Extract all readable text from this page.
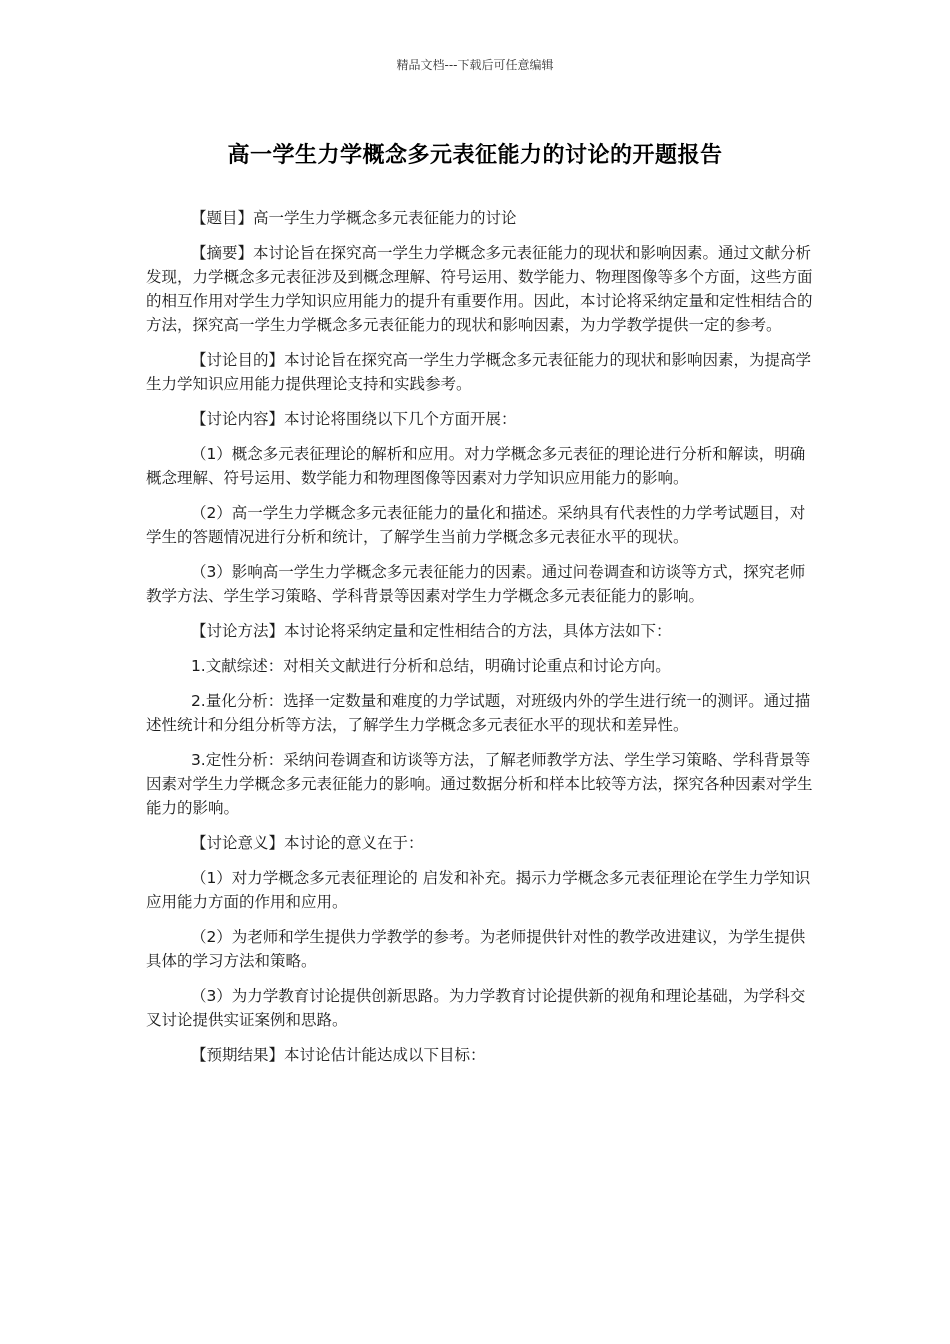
精品文档---下载后可任意编辑
高一学生力学概念多元表征能力的讨论的开题报告

【题目】高一学生力学概念多元表征能力的讨论

【摘要】本讨论旨在探究高一学生力学概念多元表征能力的现状和影响因素。通过文献分析发现，力学概念多元表征涉及到概念理解、符号运用、数学能力、物理图像等多个方面，这些方面的相互作用对学生力学知识应用能力的提升有重要作用。因此，本讨论将采纳定量和定性相结合的方法，探究高一学生力学概念多元表征能力的现状和影响因素，为力学教学提供一定的参考。

【讨论目的】本讨论旨在探究高一学生力学概念多元表征能力的现状和影响因素，为提高学生力学知识应用能力提供理论支持和实践参考。

【讨论内容】本讨论将围绕以下几个方面开展：

（1）概念多元表征理论的解析和应用。对力学概念多元表征的理论进行分析和解读，明确概念理解、符号运用、数学能力和物理图像等因素对力学知识应用能力的影响。

（2）高一学生力学概念多元表征能力的量化和描述。采纳具有代表性的力学考试题目，对学生的答题情况进行分析和统计，了解学生当前力学概念多元表征水平的现状。

（3）影响高一学生力学概念多元表征能力的因素。通过问卷调查和访谈等方式，探究老师教学方法、学生学习策略、学科背景等因素对学生力学概念多元表征能力的影响。

【讨论方法】本讨论将采纳定量和定性相结合的方法，具体方法如下：

1.文献综述：对相关文献进行分析和总结，明确讨论重点和讨论方向。

2.量化分析：选择一定数量和难度的力学试题，对班级内外的学生进行统一的测评。通过描述性统计和分组分析等方法，了解学生力学概念多元表征水平的现状和差异性。

3.定性分析：采纳问卷调查和访谈等方法，了解老师教学方法、学生学习策略、学科背景等因素对学生力学概念多元表征能力的影响。通过数据分析和样本比较等方法，探究各种因素对学生能力的影响。

【讨论意义】本讨论的意义在于：

（1）对力学概念多元表征理论的 启发和补充。揭示力学概念多元表征理论在学生力学知识应用能力方面的作用和应用。

（2）为老师和学生提供力学教学的参考。为老师提供针对性的教学改进建议，为学生提供具体的学习方法和策略。

（3）为力学教育讨论提供创新思路。为力学教育讨论提供新的视角和理论基础，为学科交叉讨论提供实证案例和思路。

【预期结果】本讨论估计能达成以下目标：
